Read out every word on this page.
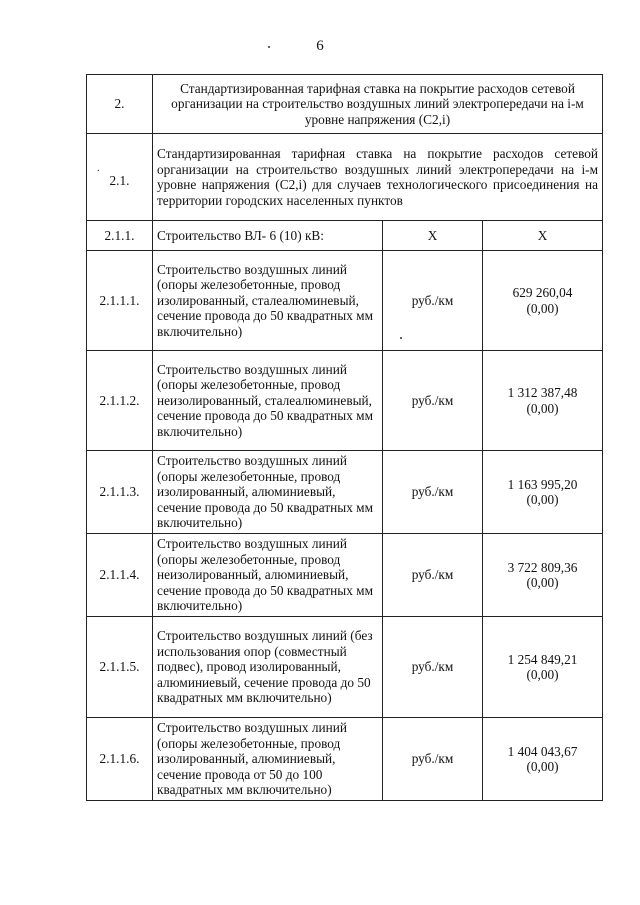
6
2.	Стандартизированная тарифная ставка на покрытие расходов сетевой организации на строительство воздушных линий электропередачи на i-м уровне напряжения (С2,i)		

.
2.1.	Стандартизированная тарифная ставка на покрытие расходов сетевой организации на строительство воздушных линий электропередачи на i-м уровне напряжения (С2,i) для случаев технологического присоединения на территории городских населенных пунктов		
2.1.1.	Строительство ВЛ- 6 (10) кВ:	X	X
2.1.1.1.	Строительство воздушных линий (опоры железобетонные, провод изолированный, сталеалюминевый, сечение провода до 50 квадратных мм включительно)	руб./км	629 260,04
(0,00)

2.1.1.2.	Строительство воздушных линий (опоры железобетонные, провод неизолированный, сталеалюминевый, сечение провода до 50 квадратных мм включительно)	руб./км	1 312 387,48
(0,00)

2.1.1.3.	Строительство воздушных линий (опоры железобетонные, провод изолированный, алюминиевый, сечение провода до 50 квадратных мм включительно)	руб./км	1 163 995,20
(0,00)

2.1.1.4.	Строительство воздушных линий (опоры железобетонные, провод неизолированный, алюминиевый, сечение провода до 50 квадратных мм включительно)	руб./км	3 722 809,36
(0,00)

2.1.1.5.	Строительство воздушных линий (без использования опор (совместный подвес), провод изолированный, алюминиевый, сечение провода до 50 квадратных мм включительно)	руб./км	1 254 849,21
(0,00)

2.1.1.6.	Строительство воздушных линий (опоры железобетонные, провод изолированный, алюминиевый, сечение провода от 50 до 100 квадратных мм включительно)	руб./км	1 404 043,67
(0,00)
